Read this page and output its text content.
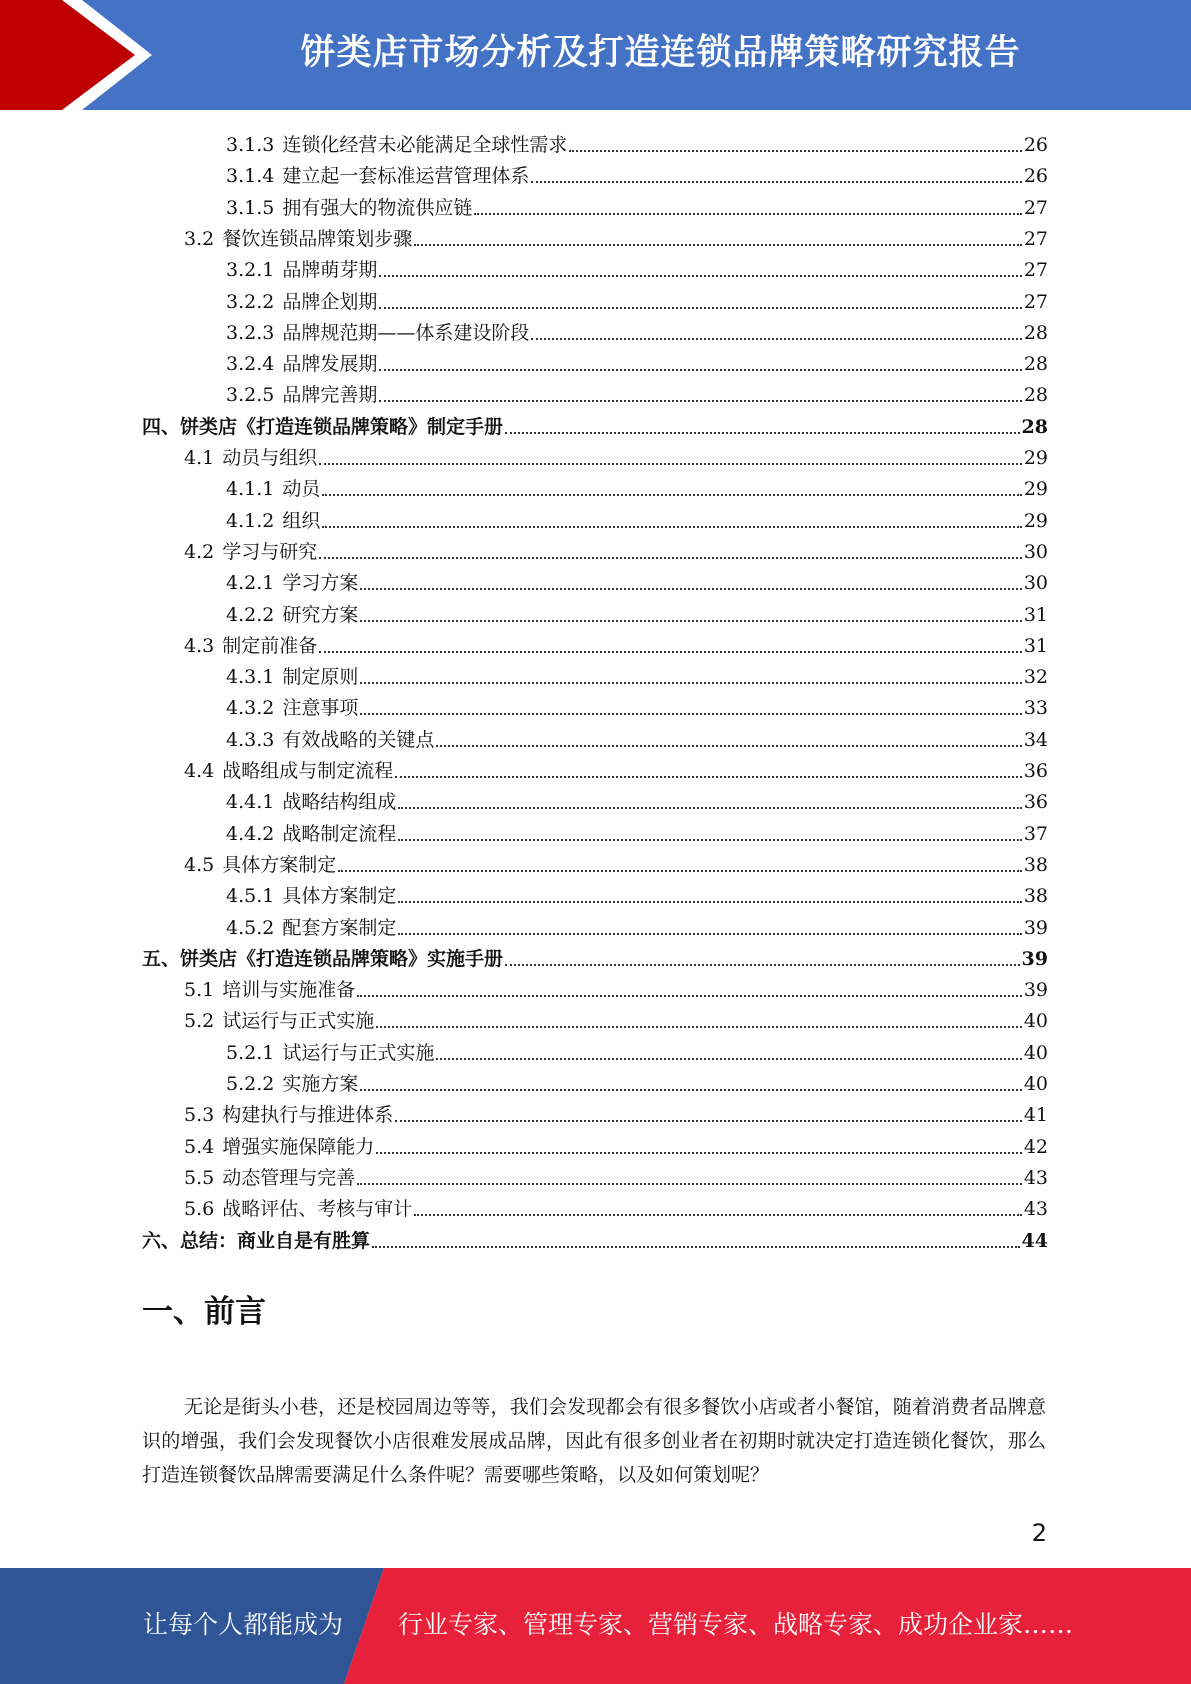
饼类店市场分析及打造连锁品牌策略研究报告
3.1.3 连锁化经营未必能满足全球性需求	26
3.1.4 建立起一套标准运营管理体系	26
3.1.5 拥有强大的物流供应链	27
3.2 餐饮连锁品牌策划步骤	27
3.2.1 品牌萌芽期	27
3.2.2 品牌企划期	27
3.2.3 品牌规范期——体系建设阶段	28
3.2.4 品牌发展期	28
3.2.5 品牌完善期	28
四、饼类店《打造连锁品牌策略》制定手册	28
4.1 动员与组织	29
4.1.1 动员	29
4.1.2 组织	29
4.2 学习与研究	30
4.2.1 学习方案	30
4.2.2 研究方案	31
4.3 制定前准备	31
4.3.1 制定原则	32
4.3.2 注意事项	33
4.3.3 有效战略的关键点	34
4.4 战略组成与制定流程	36
4.4.1 战略结构组成	36
4.4.2 战略制定流程	37
4.5 具体方案制定	38
4.5.1 具体方案制定	38
4.5.2 配套方案制定	39
五、饼类店《打造连锁品牌策略》实施手册	39
5.1 培训与实施准备	39
5.2 试运行与正式实施	40
5.2.1 试运行与正式实施	40
5.2.2 实施方案	40
5.3 构建执行与推进体系	41
5.4 增强实施保障能力	42
5.5 动态管理与完善	43
5.6 战略评估、考核与审计	43
六、总结：商业自是有胜算	44
一、前言

无论是街头小巷，还是校园周边等等，我们会发现都会有很多餐饮小店或者小餐馆，随着消费者品牌意识的增强，我们会发现餐饮小店很难发展成品牌，因此有很多创业者在初期时就决定打造连锁化餐饮，那么打造连锁餐饮品牌需要满足什么条件呢？需要哪些策略，以及如何策划呢？

2
让每个人都能成为 行业专家、管理专家、营销专家、战略专家、成功企业家……
